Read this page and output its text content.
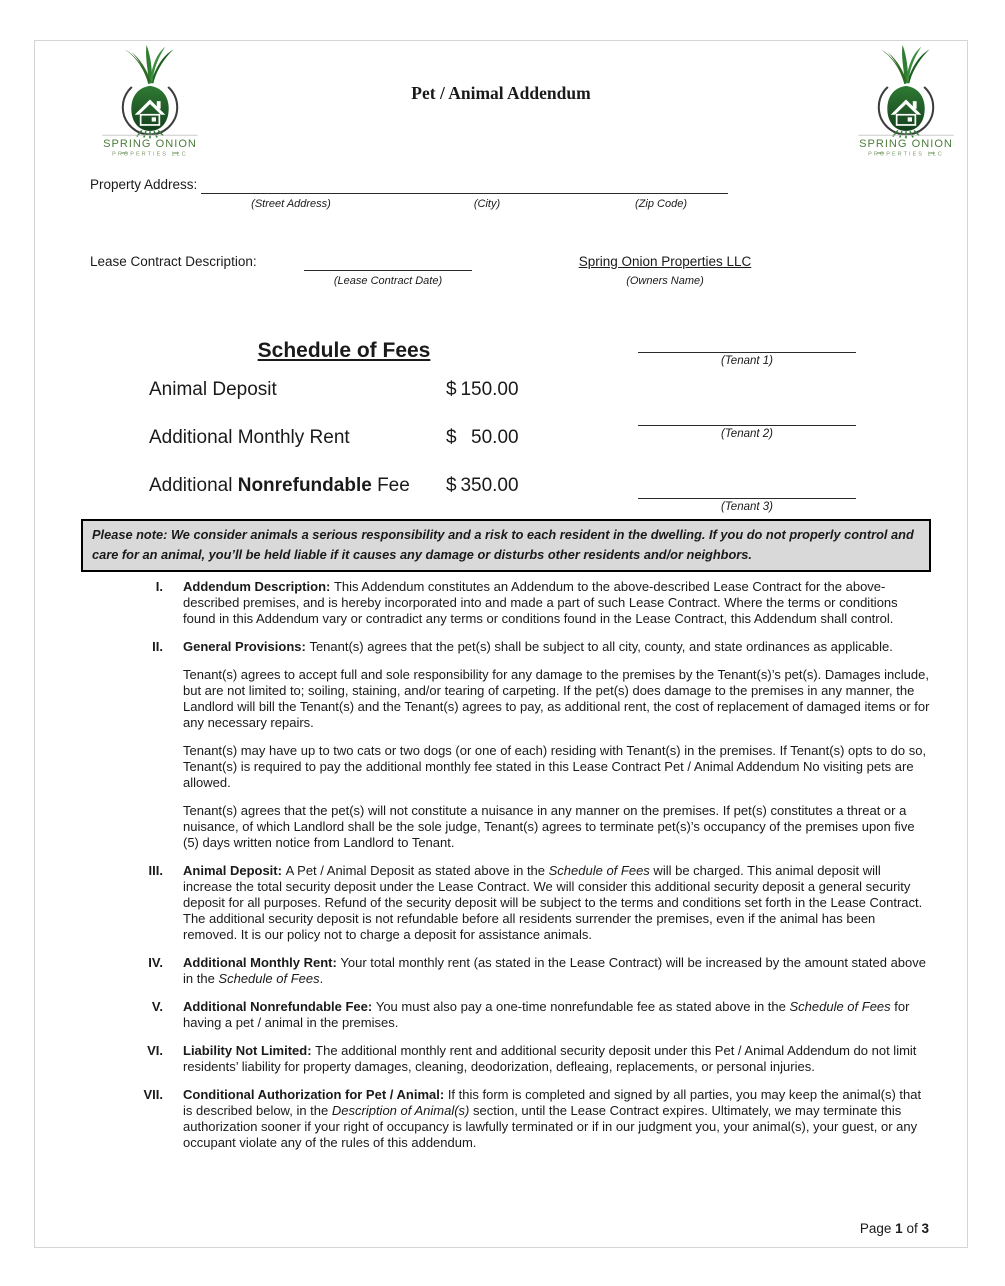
Pet / Animal Addendum
Property Address:
(Street Address)	(City)	(Zip Code)
Lease Contract Description:
(Lease Contract Date)
Spring Onion Properties LLC
(Owners Name)
Schedule of Fees
Animal Deposit	$ 150.00
Additional Monthly Rent	$ 50.00
Additional Nonrefundable Fee	$ 350.00
(Tenant 1)
(Tenant 2)
(Tenant 3)
Please note: We consider animals a serious responsibility and a risk to each resident in the dwelling. If you do not properly control and care for an animal, you’ll be held liable if it causes any damage or disturbs other residents and/or neighbors.
I. Addendum Description: This Addendum constitutes an Addendum to the above-described Lease Contract for the above-described premises, and is hereby incorporated into and made a part of such Lease Contract. Where the terms or conditions found in this Addendum vary or contradict any terms or conditions found in the Lease Contract, this Addendum shall control.

II. General Provisions: Tenant(s) agrees that the pet(s) shall be subject to all city, county, and state ordinances as applicable.

Tenant(s) agrees to accept full and sole responsibility for any damage to the premises by the Tenant(s)’s pet(s). Damages include, but are not limited to; soiling, staining, and/or tearing of carpeting. If the pet(s) does damage to the premises in any manner, the Landlord will bill the Tenant(s) and the Tenant(s) agrees to pay, as additional rent, the cost of replacement of damaged items or for any necessary repairs.

Tenant(s) may have up to two cats or two dogs (or one of each) residing with Tenant(s) in the premises. If Tenant(s) opts to do so, Tenant(s) is required to pay the additional monthly fee stated in this Lease Contract Pet / Animal Addendum No visiting pets are allowed.

Tenant(s) agrees that the pet(s) will not constitute a nuisance in any manner on the premises. If pet(s) constitutes a threat or a nuisance, of which Landlord shall be the sole judge, Tenant(s) agrees to terminate pet(s)’s occupancy of the premises upon five (5) days written notice from Landlord to Tenant.

III. Animal Deposit: A Pet / Animal Deposit as stated above in the Schedule of Fees will be charged. This animal deposit will increase the total security deposit under the Lease Contract. We will consider this additional security deposit a general security deposit for all purposes. Refund of the security deposit will be subject to the terms and conditions set forth in the Lease Contract. The additional security deposit is not refundable before all residents surrender the premises, even if the animal has been removed. It is our policy not to charge a deposit for assistance animals.

IV. Additional Monthly Rent: Your total monthly rent (as stated in the Lease Contract) will be increased by the amount stated above in the Schedule of Fees.

V. Additional Nonrefundable Fee: You must also pay a one-time nonrefundable fee as stated above in the Schedule of Fees for having a pet / animal in the premises.

VI. Liability Not Limited: The additional monthly rent and additional security deposit under this Pet / Animal Addendum do not limit residents’ liability for property damages, cleaning, deodorization, defleaing, replacements, or personal injuries.

VII. Conditional Authorization for Pet / Animal: If this form is completed and signed by all parties, you may keep the animal(s) that is described below, in the Description of Animal(s) section, until the Lease Contract expires. Ultimately, we may terminate this authorization sooner if your right of occupancy is lawfully terminated or if in our judgment you, your animal(s), your guest, or any occupant violate any of the rules of this addendum.

Page 1 of 3
